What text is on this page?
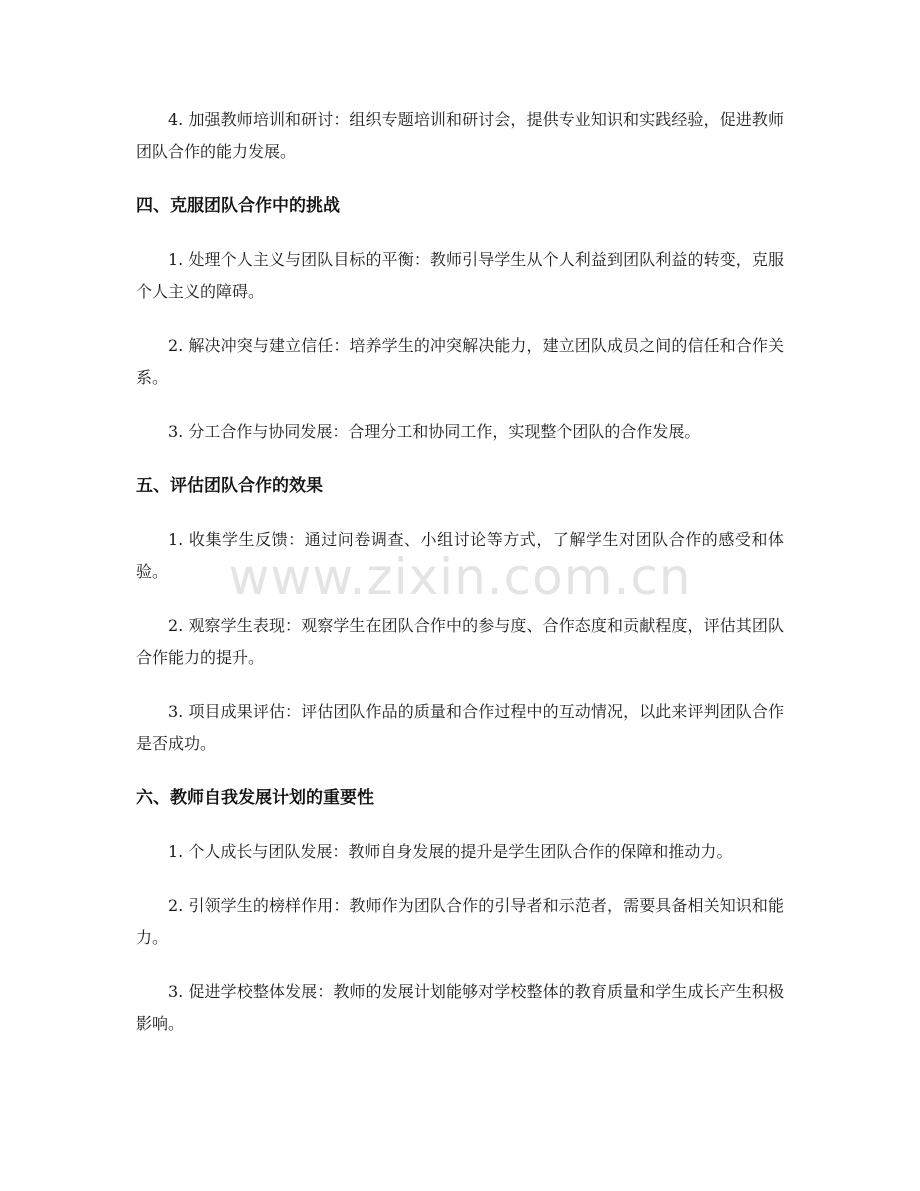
4. 加强教师培训和研讨：组织专题培训和研讨会，提供专业知识和实践经验，促进教师团队合作的能力发展。

四、克服团队合作中的挑战

1. 处理个人主义与团队目标的平衡：教师引导学生从个人利益到团队利益的转变，克服个人主义的障碍。

2. 解决冲突与建立信任：培养学生的冲突解决能力，建立团队成员之间的信任和合作关系。

3. 分工合作与协同发展：合理分工和协同工作，实现整个团队的合作发展。

五、评估团队合作的效果

1. 收集学生反馈：通过问卷调查、小组讨论等方式，了解学生对团队合作的感受和体验。

2. 观察学生表现：观察学生在团队合作中的参与度、合作态度和贡献程度，评估其团队合作能力的提升。

3. 项目成果评估：评估团队作品的质量和合作过程中的互动情况，以此来评判团队合作是否成功。

六、教师自我发展计划的重要性

1. 个人成长与团队发展：教师自身发展的提升是学生团队合作的保障和推动力。

2. 引领学生的榜样作用：教师作为团队合作的引导者和示范者，需要具备相关知识和能力。

3. 促进学校整体发展：教师的发展计划能够对学校整体的教育质量和学生成长产生积极影响。

www.zixin.com.cn
